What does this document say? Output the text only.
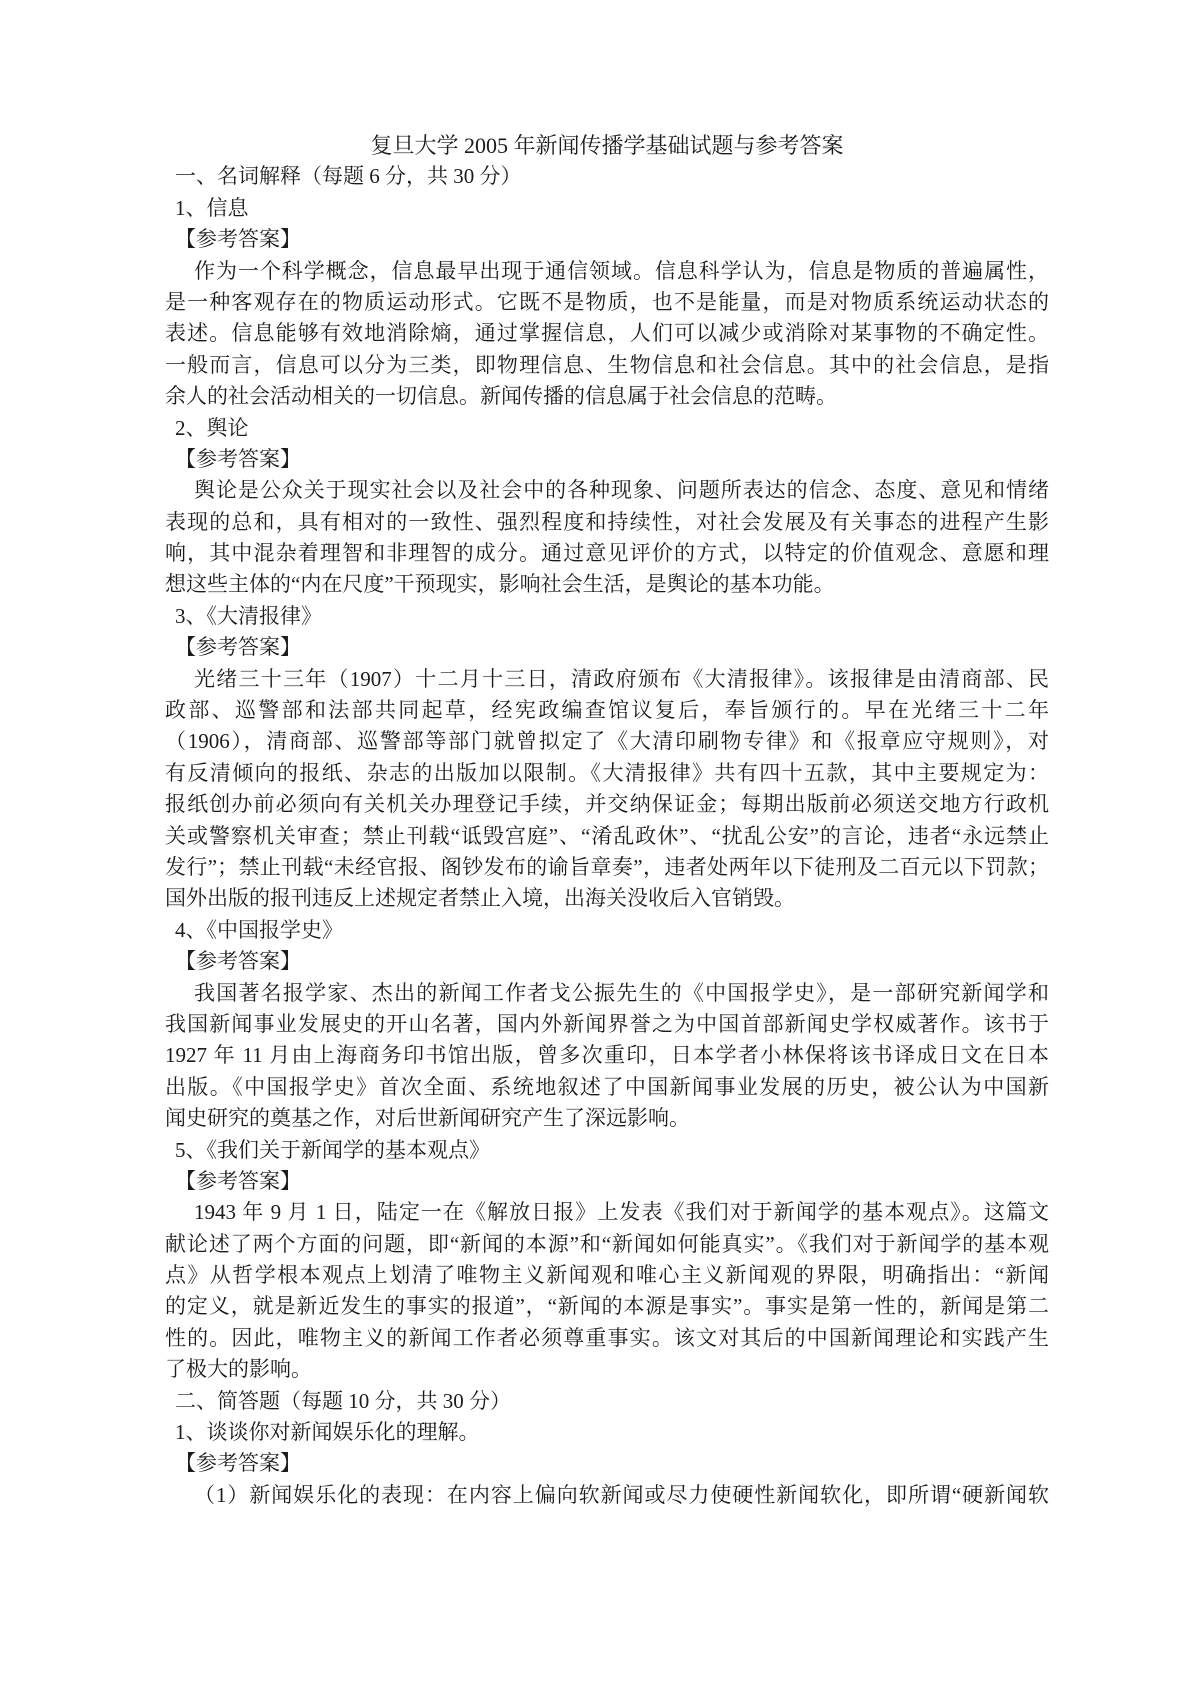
复旦大学 2005 年新闻传播学基础试题与参考答案
一、名词解释（每题 6 分，共 30 分）
1、信息
【参考答案】
作为一个科学概念，信息最早出现于通信领域。信息科学认为，信息是物质的普遍属性，
是一种客观存在的物质运动形式。它既不是物质，也不是能量，而是对物质系统运动状态的
表述。信息能够有效地消除熵，通过掌握信息，人们可以减少或消除对某事物的不确定性。
一般而言，信息可以分为三类，即物理信息、生物信息和社会信息。其中的社会信息，是指
余人的社会活动相关的一切信息。新闻传播的信息属于社会信息的范畴。
2、舆论
【参考答案】
舆论是公众关于现实社会以及社会中的各种现象、问题所表达的信念、态度、意见和情绪
表现的总和，具有相对的一致性、强烈程度和持续性，对社会发展及有关事态的进程产生影
响，其中混杂着理智和非理智的成分。通过意见评价的方式，以特定的价值观念、意愿和理
想这些主体的“内在尺度”干预现实，影响社会生活，是舆论的基本功能。
3、《大清报律》
【参考答案】
光绪三十三年（1907）十二月十三日，清政府颁布《大清报律》。该报律是由清商部、民
政部、巡警部和法部共同起草，经宪政编查馆议复后，奉旨颁行的。早在光绪三十二年
（1906），清商部、巡警部等部门就曾拟定了《大清印刷物专律》和《报章应守规则》，对
有反清倾向的报纸、杂志的出版加以限制。《大清报律》共有四十五款，其中主要规定为：
报纸创办前必须向有关机关办理登记手续，并交纳保证金；每期出版前必须送交地方行政机
关或警察机关审查；禁止刊载“诋毁宫庭”、“淆乱政休”、“扰乱公安”的言论，违者“永远禁止
发行”；禁止刊载“未经官报、阁钞发布的谕旨章奏”，违者处两年以下徒刑及二百元以下罚款；
国外出版的报刊违反上述规定者禁止入境，出海关没收后入官销毁。
4、《中国报学史》
【参考答案】
我国著名报学家、杰出的新闻工作者戈公振先生的《中国报学史》，是一部研究新闻学和
我国新闻事业发展史的开山名著，国内外新闻界誉之为中国首部新闻史学权威著作。该书于
1927 年 11 月由上海商务印书馆出版，曾多次重印，日本学者小林保将该书译成日文在日本
出版。《中国报学史》首次全面、系统地叙述了中国新闻事业发展的历史，被公认为中国新
闻史研究的奠基之作，对后世新闻研究产生了深远影响。
5、《我们关于新闻学的基本观点》
【参考答案】
1943 年 9 月 1 日，陆定一在《解放日报》上发表《我们对于新闻学的基本观点》。这篇文
献论述了两个方面的问题，即“新闻的本源”和“新闻如何能真实”。《我们对于新闻学的基本观
点》从哲学根本观点上划清了唯物主义新闻观和唯心主义新闻观的界限，明确指出：“新闻
的定义，就是新近发生的事实的报道”，“新闻的本源是事实”。事实是第一性的，新闻是第二
性的。因此，唯物主义的新闻工作者必须尊重事实。该文对其后的中国新闻理论和实践产生
了极大的影响。
二、简答题（每题 10 分，共 30 分）
1、谈谈你对新闻娱乐化的理解。
【参考答案】
（1）新闻娱乐化的表现：在内容上偏向软新闻或尽力使硬性新闻软化，即所谓“硬新闻软
